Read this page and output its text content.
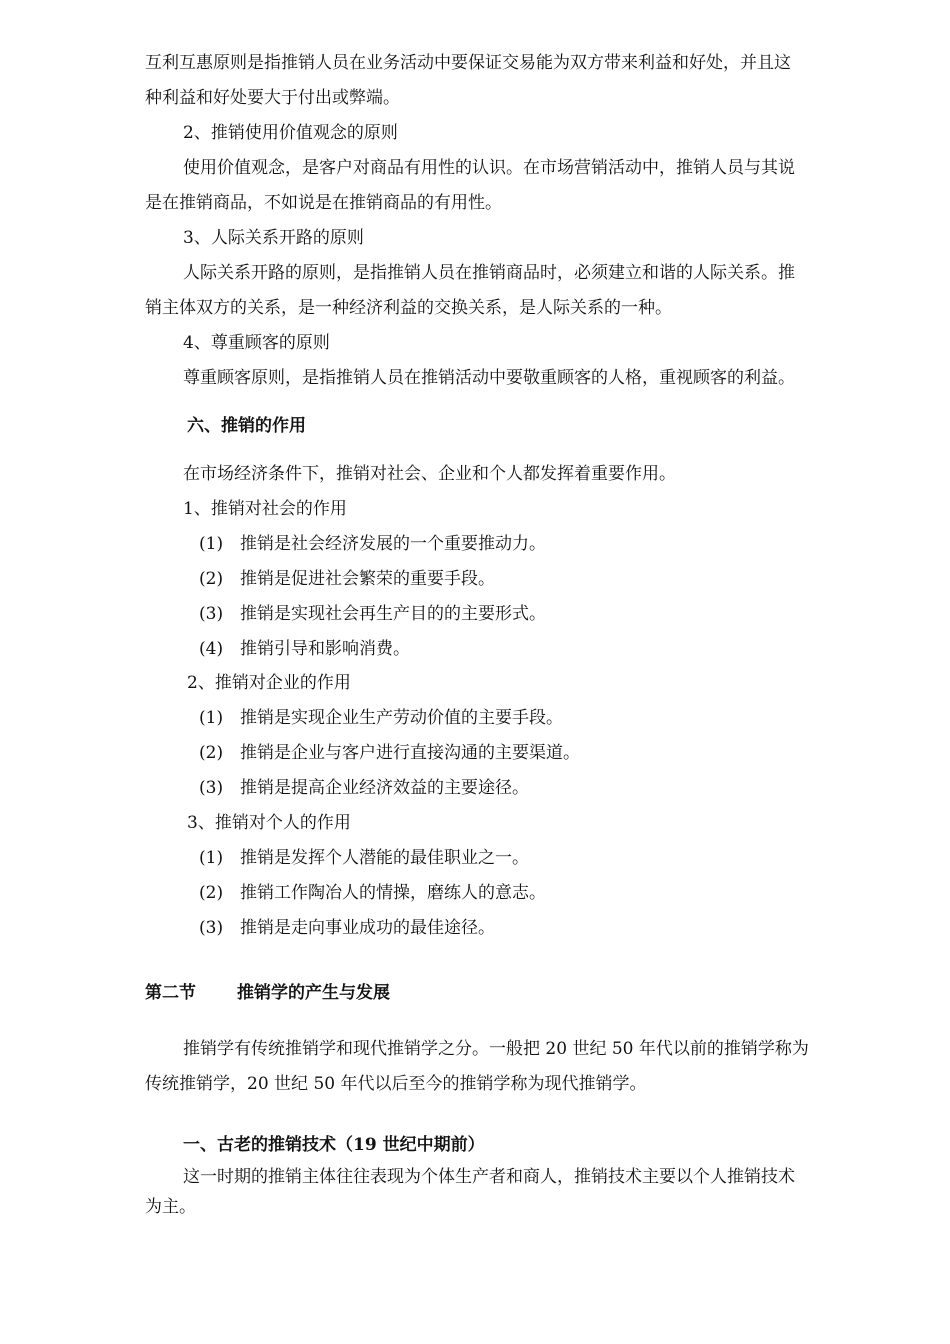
互利互惠原则是指推销人员在业务活动中要保证交易能为双方带来利益和好处，并且这
种利益和好处要大于付出或弊端。
2、推销使用价值观念的原则
使用价值观念，是客户对商品有用性的认识。在市场营销活动中，推销人员与其说
是在推销商品，不如说是在推销商品的有用性。
3、人际关系开路的原则
人际关系开路的原则，是指推销人员在推销商品时，必须建立和谐的人际关系。推
销主体双方的关系，是一种经济利益的交换关系，是人际关系的一种。
4、尊重顾客的原则
尊重顾客原则，是指推销人员在推销活动中要敬重顾客的人格，重视顾客的利益。
六、推销的作用
在市场经济条件下，推销对社会、企业和个人都发挥着重要作用。
1、推销对社会的作用
(1) 推销是社会经济发展的一个重要推动力。
(2) 推销是促进社会繁荣的重要手段。
(3) 推销是实现社会再生产目的的主要形式。
(4) 推销引导和影响消费。
2、推销对企业的作用
(1) 推销是实现企业生产劳动价值的主要手段。
(2) 推销是企业与客户进行直接沟通的主要渠道。
(3) 推销是提高企业经济效益的主要途径。
3、推销对个人的作用
(1) 推销是发挥个人潜能的最佳职业之一。
(2) 推销工作陶冶人的情操，磨练人的意志。
(3) 推销是走向事业成功的最佳途径。
第二节 推销学的产生与发展
推销学有传统推销学和现代推销学之分。一般把 20 世纪 50 年代以前的推销学称为
传统推销学，20 世纪 50 年代以后至今的推销学称为现代推销学。
一、古老的推销技术（19 世纪中期前）
这一时期的推销主体往往表现为个体生产者和商人，推销技术主要以个人推销技术
为主。
